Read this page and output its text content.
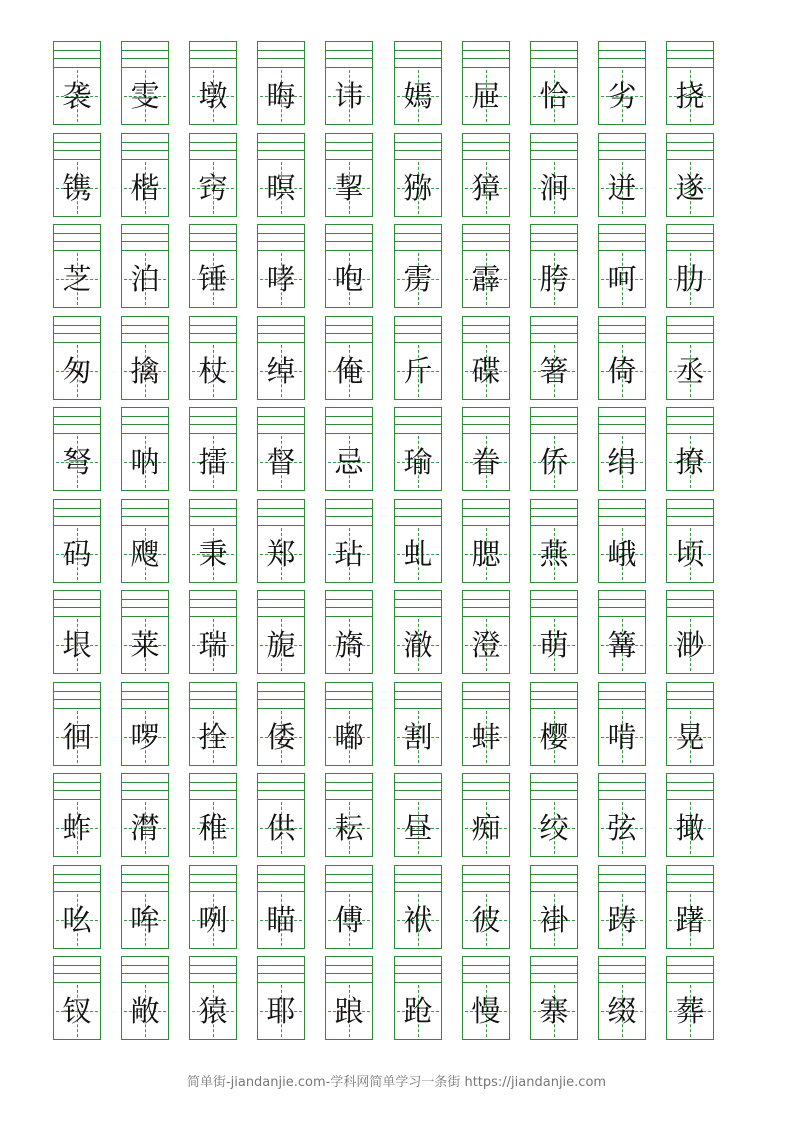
袭 雯 墩 晦 讳 嫣 屉 恰 劣 挠
镌 楷 窍 暝 挈 猕 獐 涧 迸 遂
芝 泊 锤 哮 咆 雳 霹 胯 呵 肋
匆 擒 杖 绰 俺 斤 碟 箸 倚 丞
弩 呐 擂 督 忌 瑜 眷 侨 绢 撩
码 飕 秉 郑 玷 虬 腮 燕 峨 顷
垠 莱 瑞 旎 旖 澈 澄 萌 篝 渺
徊 啰 拴 倭 嘟 割 蚌 樱 啃 晃
蚱 潸 稚 供 耘 昼 痴 绞 弦 撖
吆 哞 咧 瞄 傅 袱 彼 褂 踌 躇
钗 敞 猿 耶 踉 跄 慢 寨 缀 葬
简单街-jiandanjie.com-学科网简单学习一条街 https://jiandanjie.com
